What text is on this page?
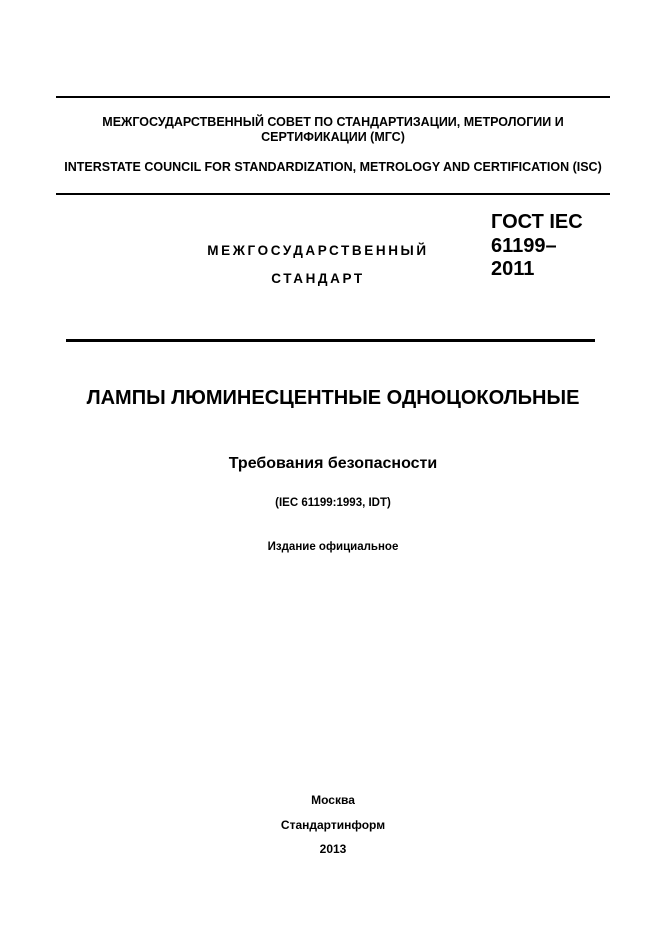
МЕЖГОСУДАРСТВЕННЫЙ СОВЕТ ПО СТАНДАРТИЗАЦИИ, МЕТРОЛОГИИ И СЕРТИФИКАЦИИ (МГС)
INTERSTATE COUNCIL FOR STANDARDIZATION, METROLOGY AND CERTIFICATION (ISC)
МЕЖГОСУДАРСТВЕННЫЙ
СТАНДАРТ
ГОСТ IEC
61199–
2011
ЛАМПЫ ЛЮМИНЕСЦЕНТНЫЕ ОДНОЦОКОЛЬНЫЕ
Требования безопасности
(IEC 61199:1993, IDT)
Издание официальное
Москва
Стандартинформ
2013
